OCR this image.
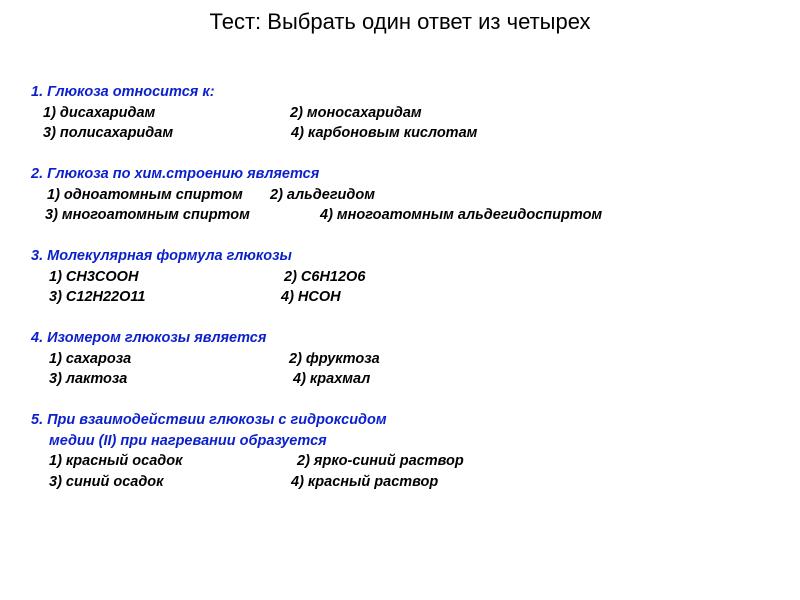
Тест: Выбрать один ответ из четырех
1. Глюкоза относится к:
1) дисахаридам	2) моносахаридам
3) полисахаридам	4) карбоновым кислотам
2. Глюкоза по хим.строению является
1) одноатомным спиртом 2) альдегидом
3) многоатомным спиртом	4) многоатомным альдегидоспиртом
3. Молекулярная формула глюкозы
1) СН3СООН	2) С6Н12О6
3) С12Н22О11	4) НСОН
4. Изомером глюкозы является
1) сахароза	2) фруктоза
3) лактоза	4) крахмал
5. При взаимодействии глюкозы с гидроксидом
медии (II) при нагревании образуется
1) красный осадок	2) ярко-синий раствор
3) синий осадок	4) красный раствор
